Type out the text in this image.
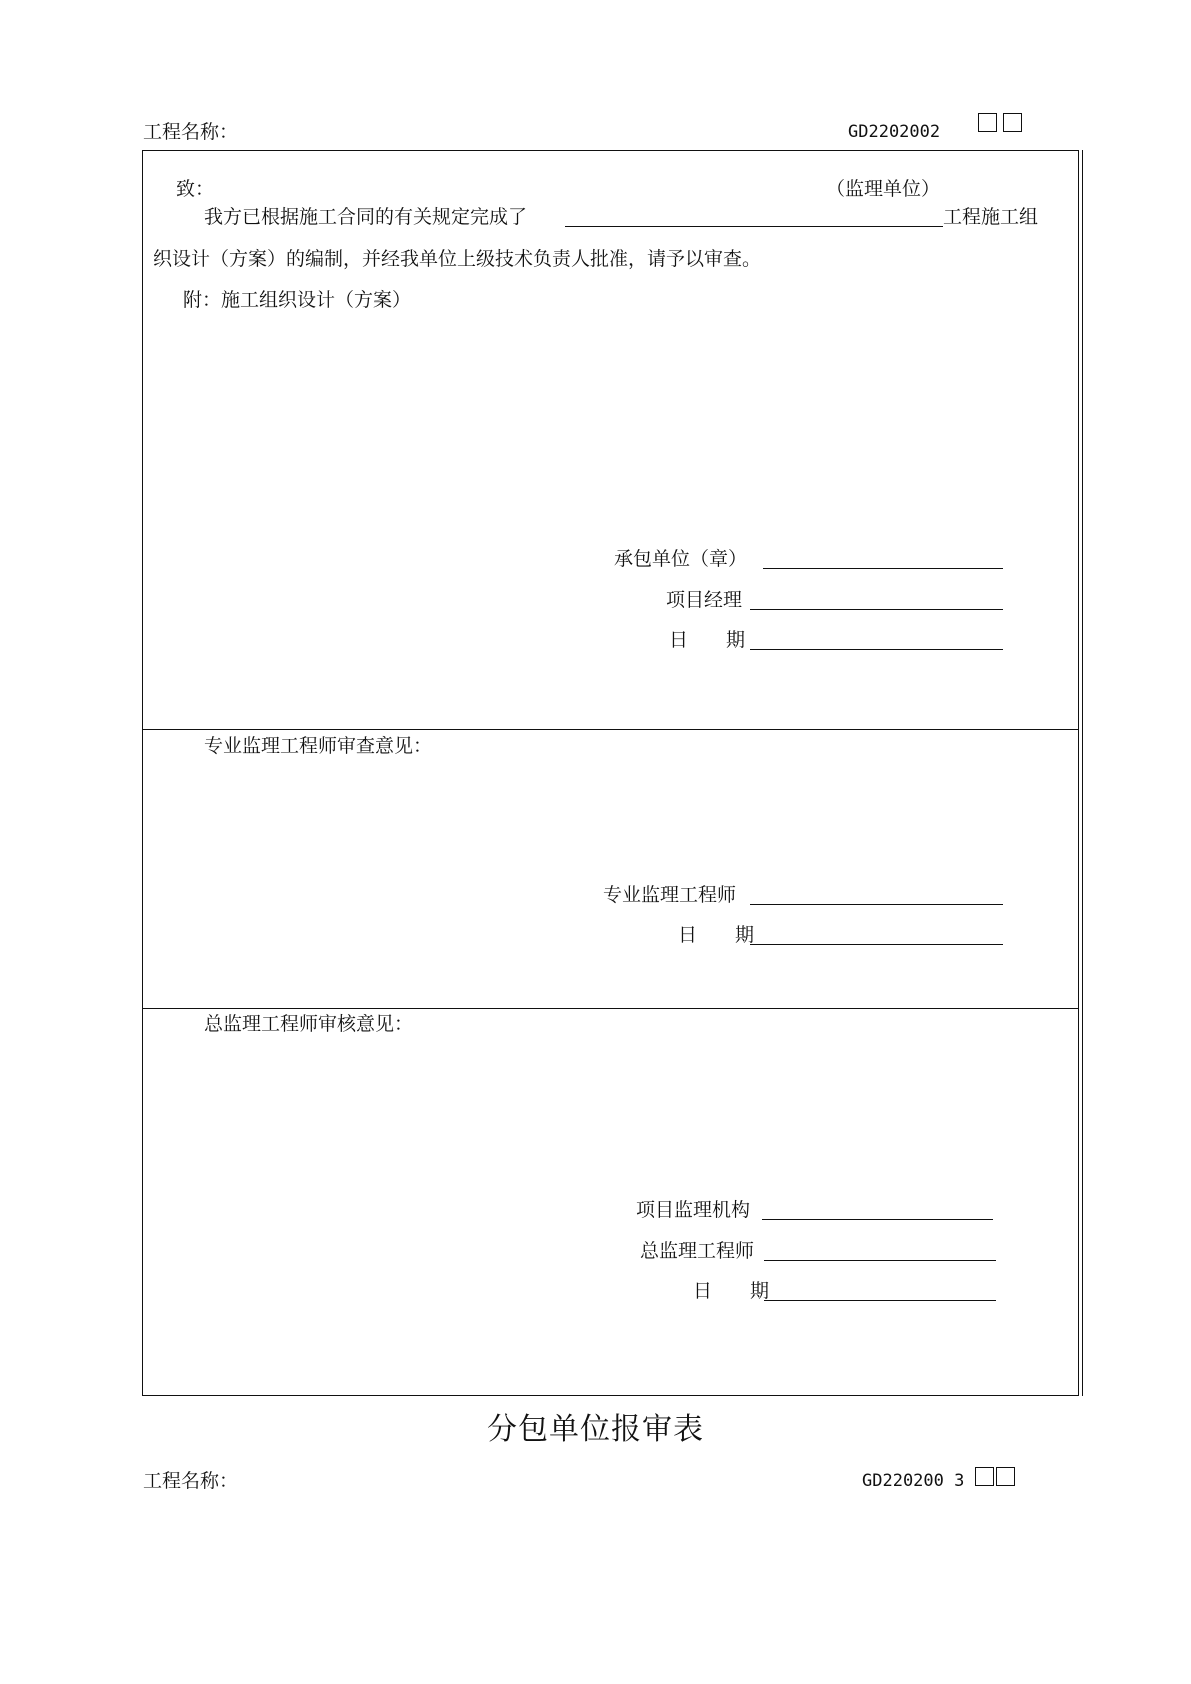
工程名称：	GD2202002
致：	（监理单位）
我方已根据施工合同的有关规定完成了	工程施工组
织设计（方案）的编制，并经我单位上级技术负责人批准，请予以审查。
附：施工组织设计（方案）
承包单位（章）
项目经理
日　　期
专业监理工程师审查意见：
专业监理工程师
日　　期
总监理工程师审核意见：
项目监理机构
总监理工程师
日　　期
分包单位报审表
工程名称：	GD220200 3
